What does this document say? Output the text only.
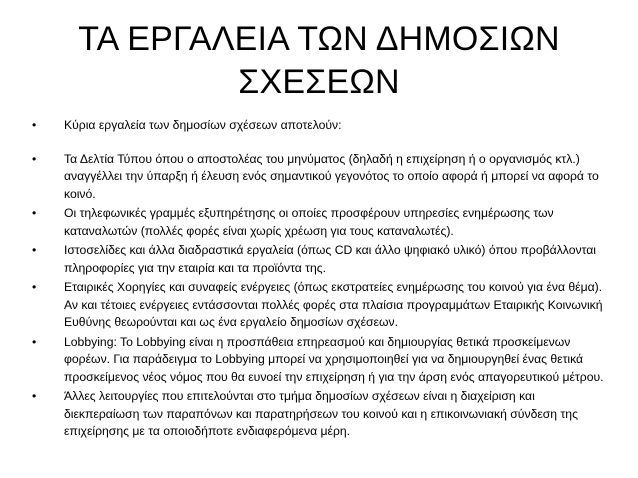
ΤΑ ΕΡΓΑΛΕΙΑ ΤΩΝ ΔΗΜΟΣΙΩΝ
ΣΧΕΣΕΩΝ
•	Κύρια εργαλεία των δημοσίων σχέσεων αποτελούν:
•	Τα Δελτία Τύπου όπου ο αποστολέας του μηνύματος (δηλαδή η επιχείρηση ή ο οργανισμός κτλ.) αναγγέλλει την ύπαρξη ή έλευση ενός σημαντικού γεγονότος το οποίο αφορά ή μπορεί να αφορά το κοινό.
•	Οι τηλεφωνικές γραμμές εξυπηρέτησης οι οποίες προσφέρουν υπηρεσίες ενημέρωσης των καταναλωτών (πολλές φορές είναι χωρίς χρέωση για τους καταναλωτές).
•	Ιστοσελίδες και άλλα διαδραστικά εργαλεία (όπως CD και άλλο ψηφιακό υλικό) όπου προβάλλονται πληροφορίες για την εταιρία και τα προϊόντα της.
•	Εταιρικές Χορηγίες και συναφείς ενέργειες (όπως εκστρατείες ενημέρωσης του κοινού για ένα θέμα). Αν και τέτοιες ενέργειες εντάσσονται πολλές φορές στα πλαίσια προγραμμάτων Εταιρικής Κοινωνική Ευθύνης θεωρούνται και ως ένα εργαλείο δημοσίων σχέσεων.
•	Lobbying: To Lobbying είναι η προσπάθεια επηρεασμού και δημιουργίας θετικά προσκείμενων φορέων. Για παράδειγμα το Lobbying μπορεί να χρησιμοποιηθεί για να δημιουργηθεί ένας θετικά προσκείμενος νέος νόμος που θα ευνοεί την επιχείρηση ή για την άρση ενός απαγορευτικού μέτρου.
•	Άλλες λειτουργίες που επιτελούνται στο τμήμα δημοσίων σχέσεων είναι η διαχείριση και διεκπεραίωση των παραπόνων και παρατηρήσεων του κοινού και η επικοινωνιακή σύνδεση της επιχείρησης με τα οποιοδήποτε ενδιαφερόμενα μέρη.
